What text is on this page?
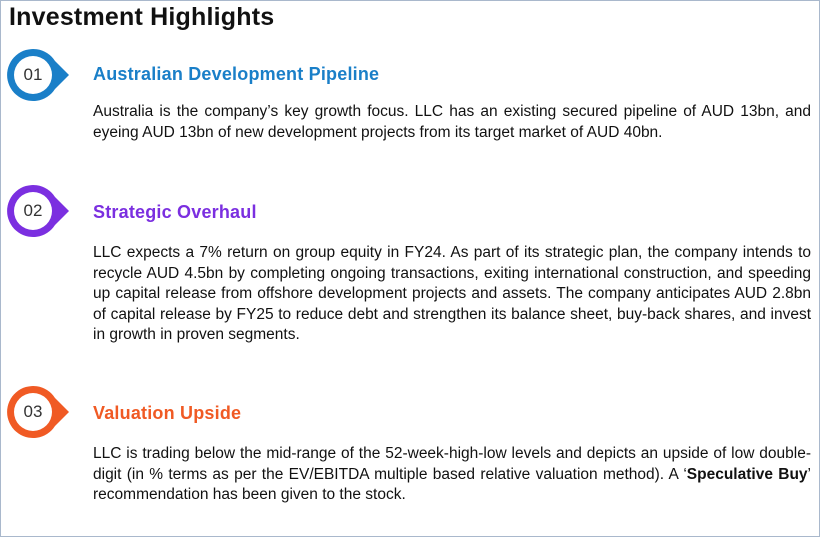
Investment Highlights
01	Australian Development Pipeline

Australia is the company’s key growth focus. LLC has an existing secured pipeline of AUD 13bn, and eyeing AUD 13bn of new development projects from its target market of AUD 40bn.

02	Strategic Overhaul

LLC expects a 7% return on group equity in FY24. As part of its strategic plan, the company intends to recycle AUD 4.5bn by completing ongoing transactions, exiting international construction, and speeding up capital release from offshore development projects and assets. The company anticipates AUD 2.8bn of capital release by FY25 to reduce debt and strengthen its balance sheet, buy-back shares, and invest in growth in proven segments.

03	Valuation Upside

LLC is trading below the mid-range of the 52-week-high-low levels and depicts an upside of low double-digit (in % terms as per the EV/EBITDA multiple based relative valuation method). A ‘Speculative Buy’ recommendation has been given to the stock.
